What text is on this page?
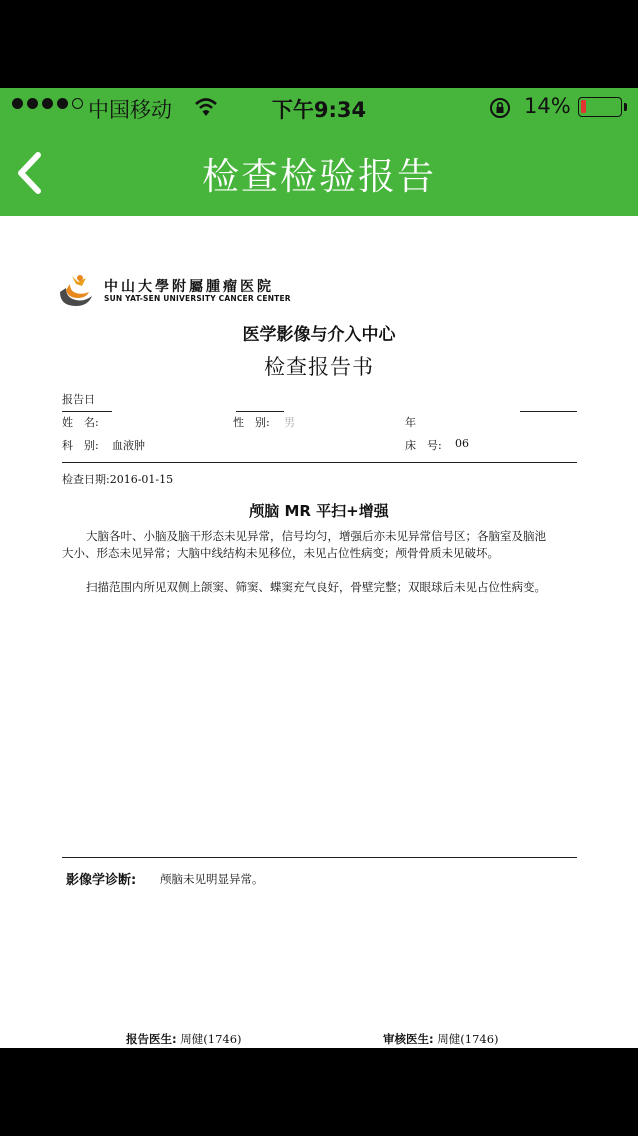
中国移动	下午9:34	14%
检查检验报告
中山大學附屬腫瘤医院
SUN YAT-SEN UNIVERSITY CANCER CENTER
医学影像与介入中心
检查报告书
报告日
姓　名:	性　别: 男	年
科　别: 血液肿	床　号: 06
检查日期:2016-01-15
颅脑 MR 平扫+增强
大脑各叶、小脑及脑干形态未见异常，信号均匀，增强后亦未见异常信号区；各脑室及脑池大小、形态未见异常；大脑中线结构未见移位，未见占位性病变；颅骨骨质未见破坏。
扫描范围内所见双侧上颌窦、筛窦、蝶窦充气良好，骨壁完整；双眼球后未见占位性病变。
影像学诊断: 颅脑未见明显异常。
报告医生: 周健(1746)	审核医生: 周健(1746)
